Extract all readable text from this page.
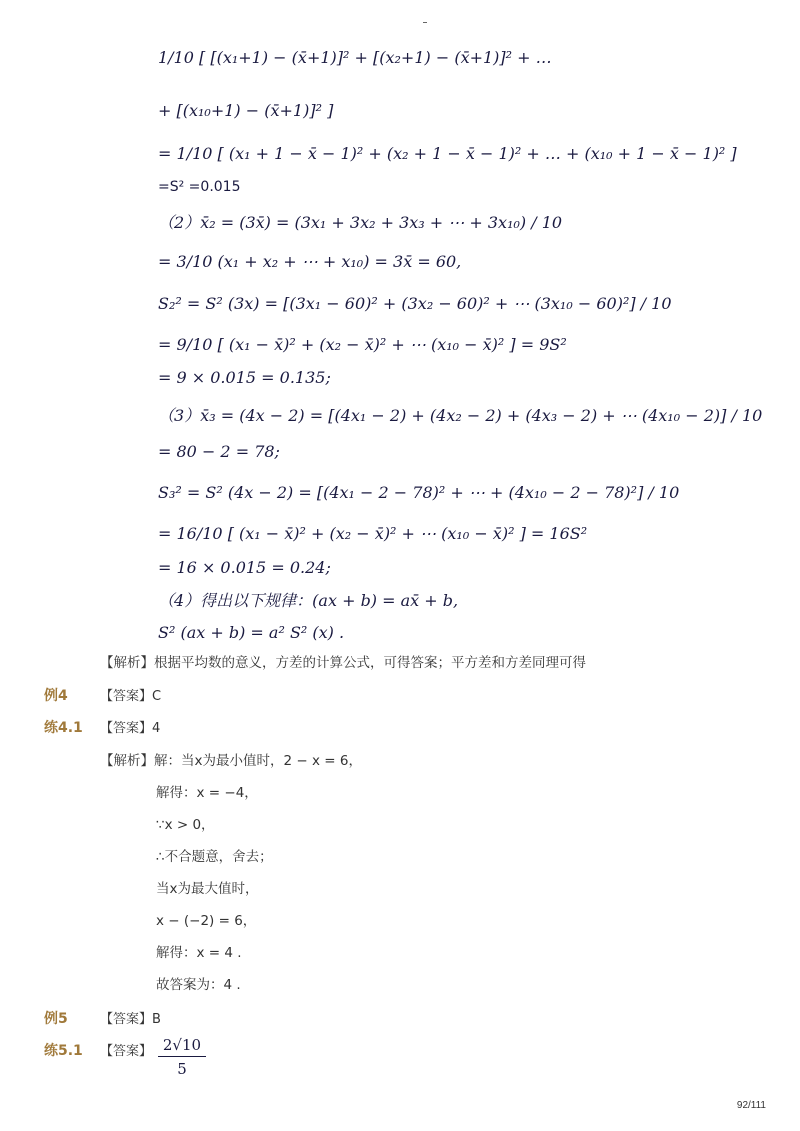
1/10 [ [(x₁+1) − (x̄+1)]² + [(x₂+1) − (x̄+1)]² + …
+ [(x₁₀+1) − (x̄+1)]² ]
= 1/10 [ (x₁ + 1 − x̄ − 1)² + (x₂ + 1 − x̄ − 1)² + … + (x₁₀ + 1 − x̄ − 1)² ]
=S² =0.015
（2）x̄₂ = (3x̄) = (3x₁ + 3x₂ + 3x₃ + ⋯ + 3x₁₀) / 10
= 3/10 (x₁ + x₂ + ⋯ + x₁₀) = 3x̄ = 60,
S₂² = S² (3x) = [(3x₁ − 60)² + (3x₂ − 60)² + ⋯ (3x₁₀ − 60)²] / 10
= 9/10 [ (x₁ − x̄)² + (x₂ − x̄)² + ⋯ (x₁₀ − x̄)² ] = 9S²
= 9 × 0.015 = 0.135;
（3）x̄₃ = (4x − 2) = [(4x₁ − 2) + (4x₂ − 2) + (4x₃ − 2) + ⋯ (4x₁₀ − 2)] / 10
= 80 − 2 = 78;
S₃² = S² (4x − 2) = [(4x₁ − 2 − 78)² + ⋯ + (4x₁₀ − 2 − 78)²] / 10
= 16/10 [ (x₁ − x̄)² + (x₂ − x̄)² + ⋯ (x₁₀ − x̄)² ] = 16S²
= 16 × 0.015 = 0.24;
（4）得出以下规律：(ax + b) = ax̄ + b,
S² (ax + b) = a² S² (x) .
【解析】根据平均数的意义，方差的计算公式，可得答案；平方差和方差同理可得
例4 【答案】C
练4.1 【答案】4
【解析】解：当x为最小值时，2 − x = 6，
解得：x = −4，
∵x > 0，
∴不合题意，舍去；
当x为最大值时，
x − (−2) = 6，
解得：x = 4 .
故答案为：4 .
例5 【答案】B
练5.1 【答案】 2√10
5
92/111
